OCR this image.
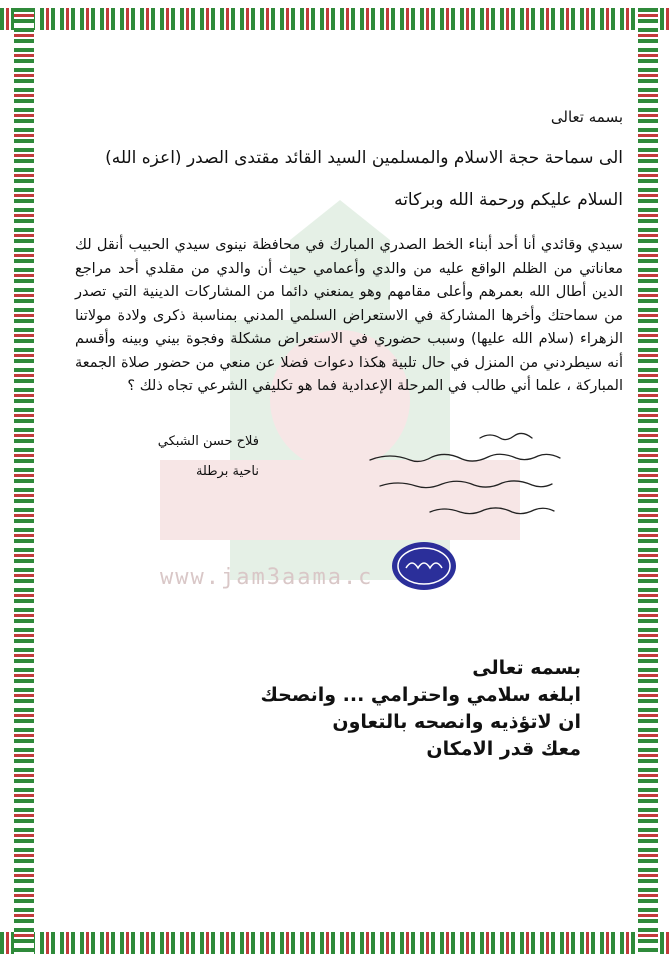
www.jam3aama.c
بسمه تعالى
الى سماحة حجة الاسلام والمسلمين السيد القائد مقتدى الصدر (اعزه الله)
السلام عليكم ورحمة الله وبركاته
سيدي وقائدي أنا أحد أبناء الخط الصدري المبارك في محافظة نينوى سيدي الحبيب أنقل لك معاناتي من الظلم الواقع عليه من والدي وأعمامي حيث أن والدي من مقلدي أحد مراجع الدين أطال الله بعمرهم وأعلى مقامهم وهو يمنعني دائما من المشاركات الدينية التي تصدر من سماحتك وأخرها المشاركة في الاستعراض السلمي المدني بمناسبة ذكرى ولادة مولاتنا الزهراء (سلام الله عليها) وسبب حضوري في الاستعراض مشكلة وفجوة بيني وبينه وأقسم أنه سيطردني من المنزل في حال تلبية هكذا دعوات فضلا عن منعي من حضور صلاة الجمعة المباركة ، علما أني طالب في المرحلة الإعدادية فما هو تكليفي الشرعي تجاه ذلك ؟
فلاح حسن الشبكي
ناحية برطلة
بسمه تعالى
ابلغه سلامي واحترامي ... وانصحك
ان لاتؤذيه وانصحه بالتعاون
معك قدر الامكان
